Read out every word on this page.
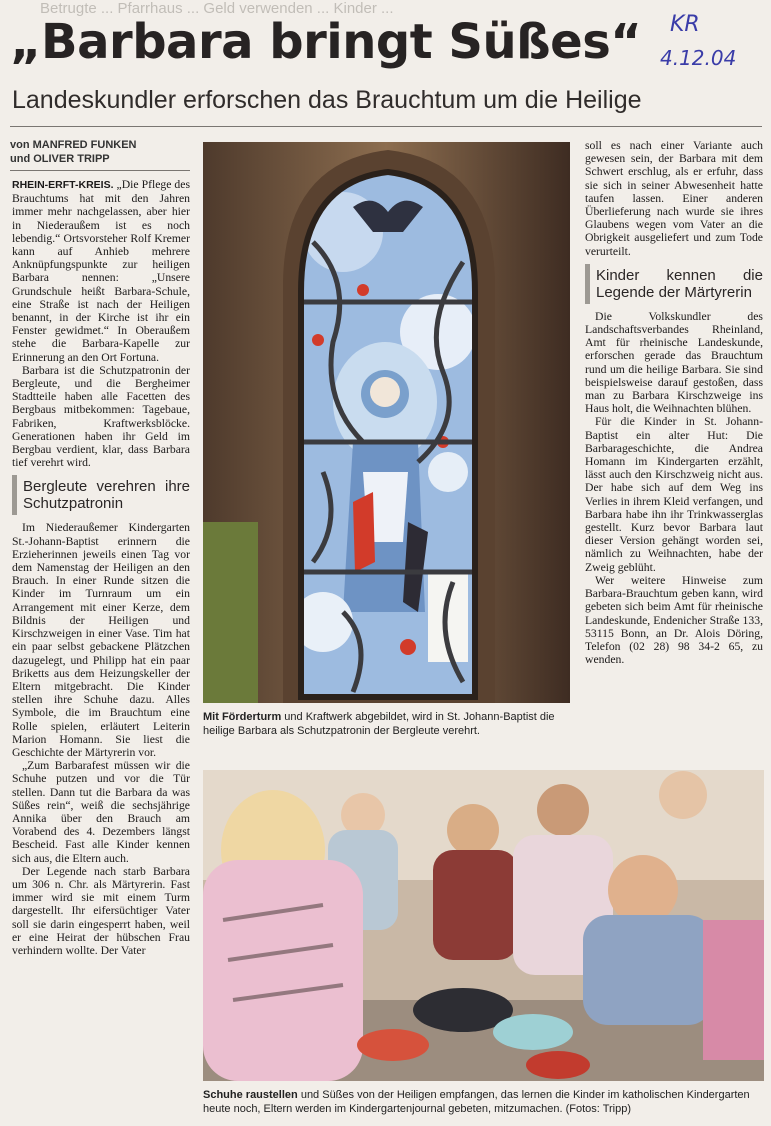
Betrugte ... Pfarrhaus ... Geld verwenden ... Kinder ...
„Barbara bringt Süßes“
Landeskundler erforschen das Brauchtum um die Heilige
KR
4.12.04
von MANFRED FUNKEN
und OLIVER TRIPP

RHEIN-ERFT-KREIS. „Die Pflege des Brauchtums hat mit den Jahren immer mehr nachgelassen, aber hier in Niederaußem ist es noch lebendig.“ Ortsvorsteher Rolf Kremer kann auf Anhieb mehrere Anknüpfungspunkte zur heiligen Barbara nennen: „Unsere Grundschule heißt Barbara-Schule, eine Straße ist nach der Heiligen benannt, in der Kirche ist ihr ein Fenster gewidmet.“ In Oberaußem stehe die Barbara-Kapelle zur Erinnerung an den Ort Fortuna.

Barbara ist die Schutzpatronin der Bergleute, und die Bergheimer Stadtteile haben alle Facetten des Bergbaus mitbekommen: Tagebaue, Fabriken, Kraftwerksblöcke. Generationen haben ihr Geld im Bergbau verdient, klar, dass Barbara tief verehrt wird.

Bergleute verehren ihre Schutzpatronin

Im Niederaußemer Kindergarten St.-Johann-Baptist erinnern die Erzieherinnen jeweils einen Tag vor dem Namenstag der Heiligen an den Brauch. In einer Runde sitzen die Kinder im Turnraum um ein Arrangement mit einer Kerze, dem Bildnis der Heiligen und Kirschzweigen in einer Vase. Tim hat ein paar selbst gebackene Plätzchen dazugelegt, und Philipp hat ein paar Briketts aus dem Heizungskeller der Eltern mitgebracht. Die Kinder stellen ihre Schuhe dazu. Alles Symbole, die im Brauchtum eine Rolle spielen, erläutert Leiterin Marion Homann. Sie liest die Geschichte der Märtyrerin vor.

„Zum Barbarafest müssen wir die Schuhe putzen und vor die Tür stellen. Dann tut die Barbara da was Süßes rein“, weiß die sechsjährige Annika über den Brauch am Vorabend des 4. Dezembers längst Bescheid. Fast alle Kinder kennen sich aus, die Eltern auch.

Der Legende nach starb Barbara um 306 n. Chr. als Märtyrerin. Fast immer wird sie mit einem Turm dargestellt. Ihr eifersüchtiger Vater soll sie darin eingesperrt haben, weil er eine Heirat der hübschen Frau verhindern wollte. Der Vater

Mit Förderturm und Kraftwerk abgebildet, wird in St. Johann-Baptist die heilige Barbara als Schutzpatronin der Bergleute verehrt.

soll es nach einer Variante auch gewesen sein, der Barbara mit dem Schwert erschlug, als er erfuhr, dass sie sich in seiner Abwesenheit hatte taufen lassen. Einer anderen Überlieferung nach wurde sie ihres Glaubens wegen vom Vater an die Obrigkeit ausgeliefert und zum Tode verurteilt.

Kinder kennen die Legende der Märtyrerin

Die Volkskundler des Landschaftsverbandes Rheinland, Amt für rheinische Landeskunde, erforschen gerade das Brauchtum rund um die heilige Barbara. Sie sind beispielsweise darauf gestoßen, dass man zu Barbara Kirschzweige ins Haus holt, die Weihnachten blühen.

Für die Kinder in St. Johann-Baptist ein alter Hut: Die Barbarageschichte, die Andrea Homann im Kindergarten erzählt, lässt auch den Kirschzweig nicht aus. Der habe sich auf dem Weg ins Verlies in ihrem Kleid verfangen, und Barbara habe ihn ihr Trinkwasserglas gestellt. Kurz bevor Barbara laut dieser Version gehängt worden sei, nämlich zu Weihnachten, habe der Zweig geblüht.

Wer weitere Hinweise zum Barbara-Brauchtum geben kann, wird gebeten sich beim Amt für rheinische Landeskunde, Endenicher Straße 133, 53115 Bonn, an Dr. Alois Döring, Telefon (02 28) 98 34-2 65, zu wenden.

Schuhe raustellen und Süßes von der Heiligen empfangen, das lernen die Kinder im katholischen Kindergarten heute noch, Eltern werden im Kindergartenjournal gebeten, mitzumachen. (Fotos: Tripp)
